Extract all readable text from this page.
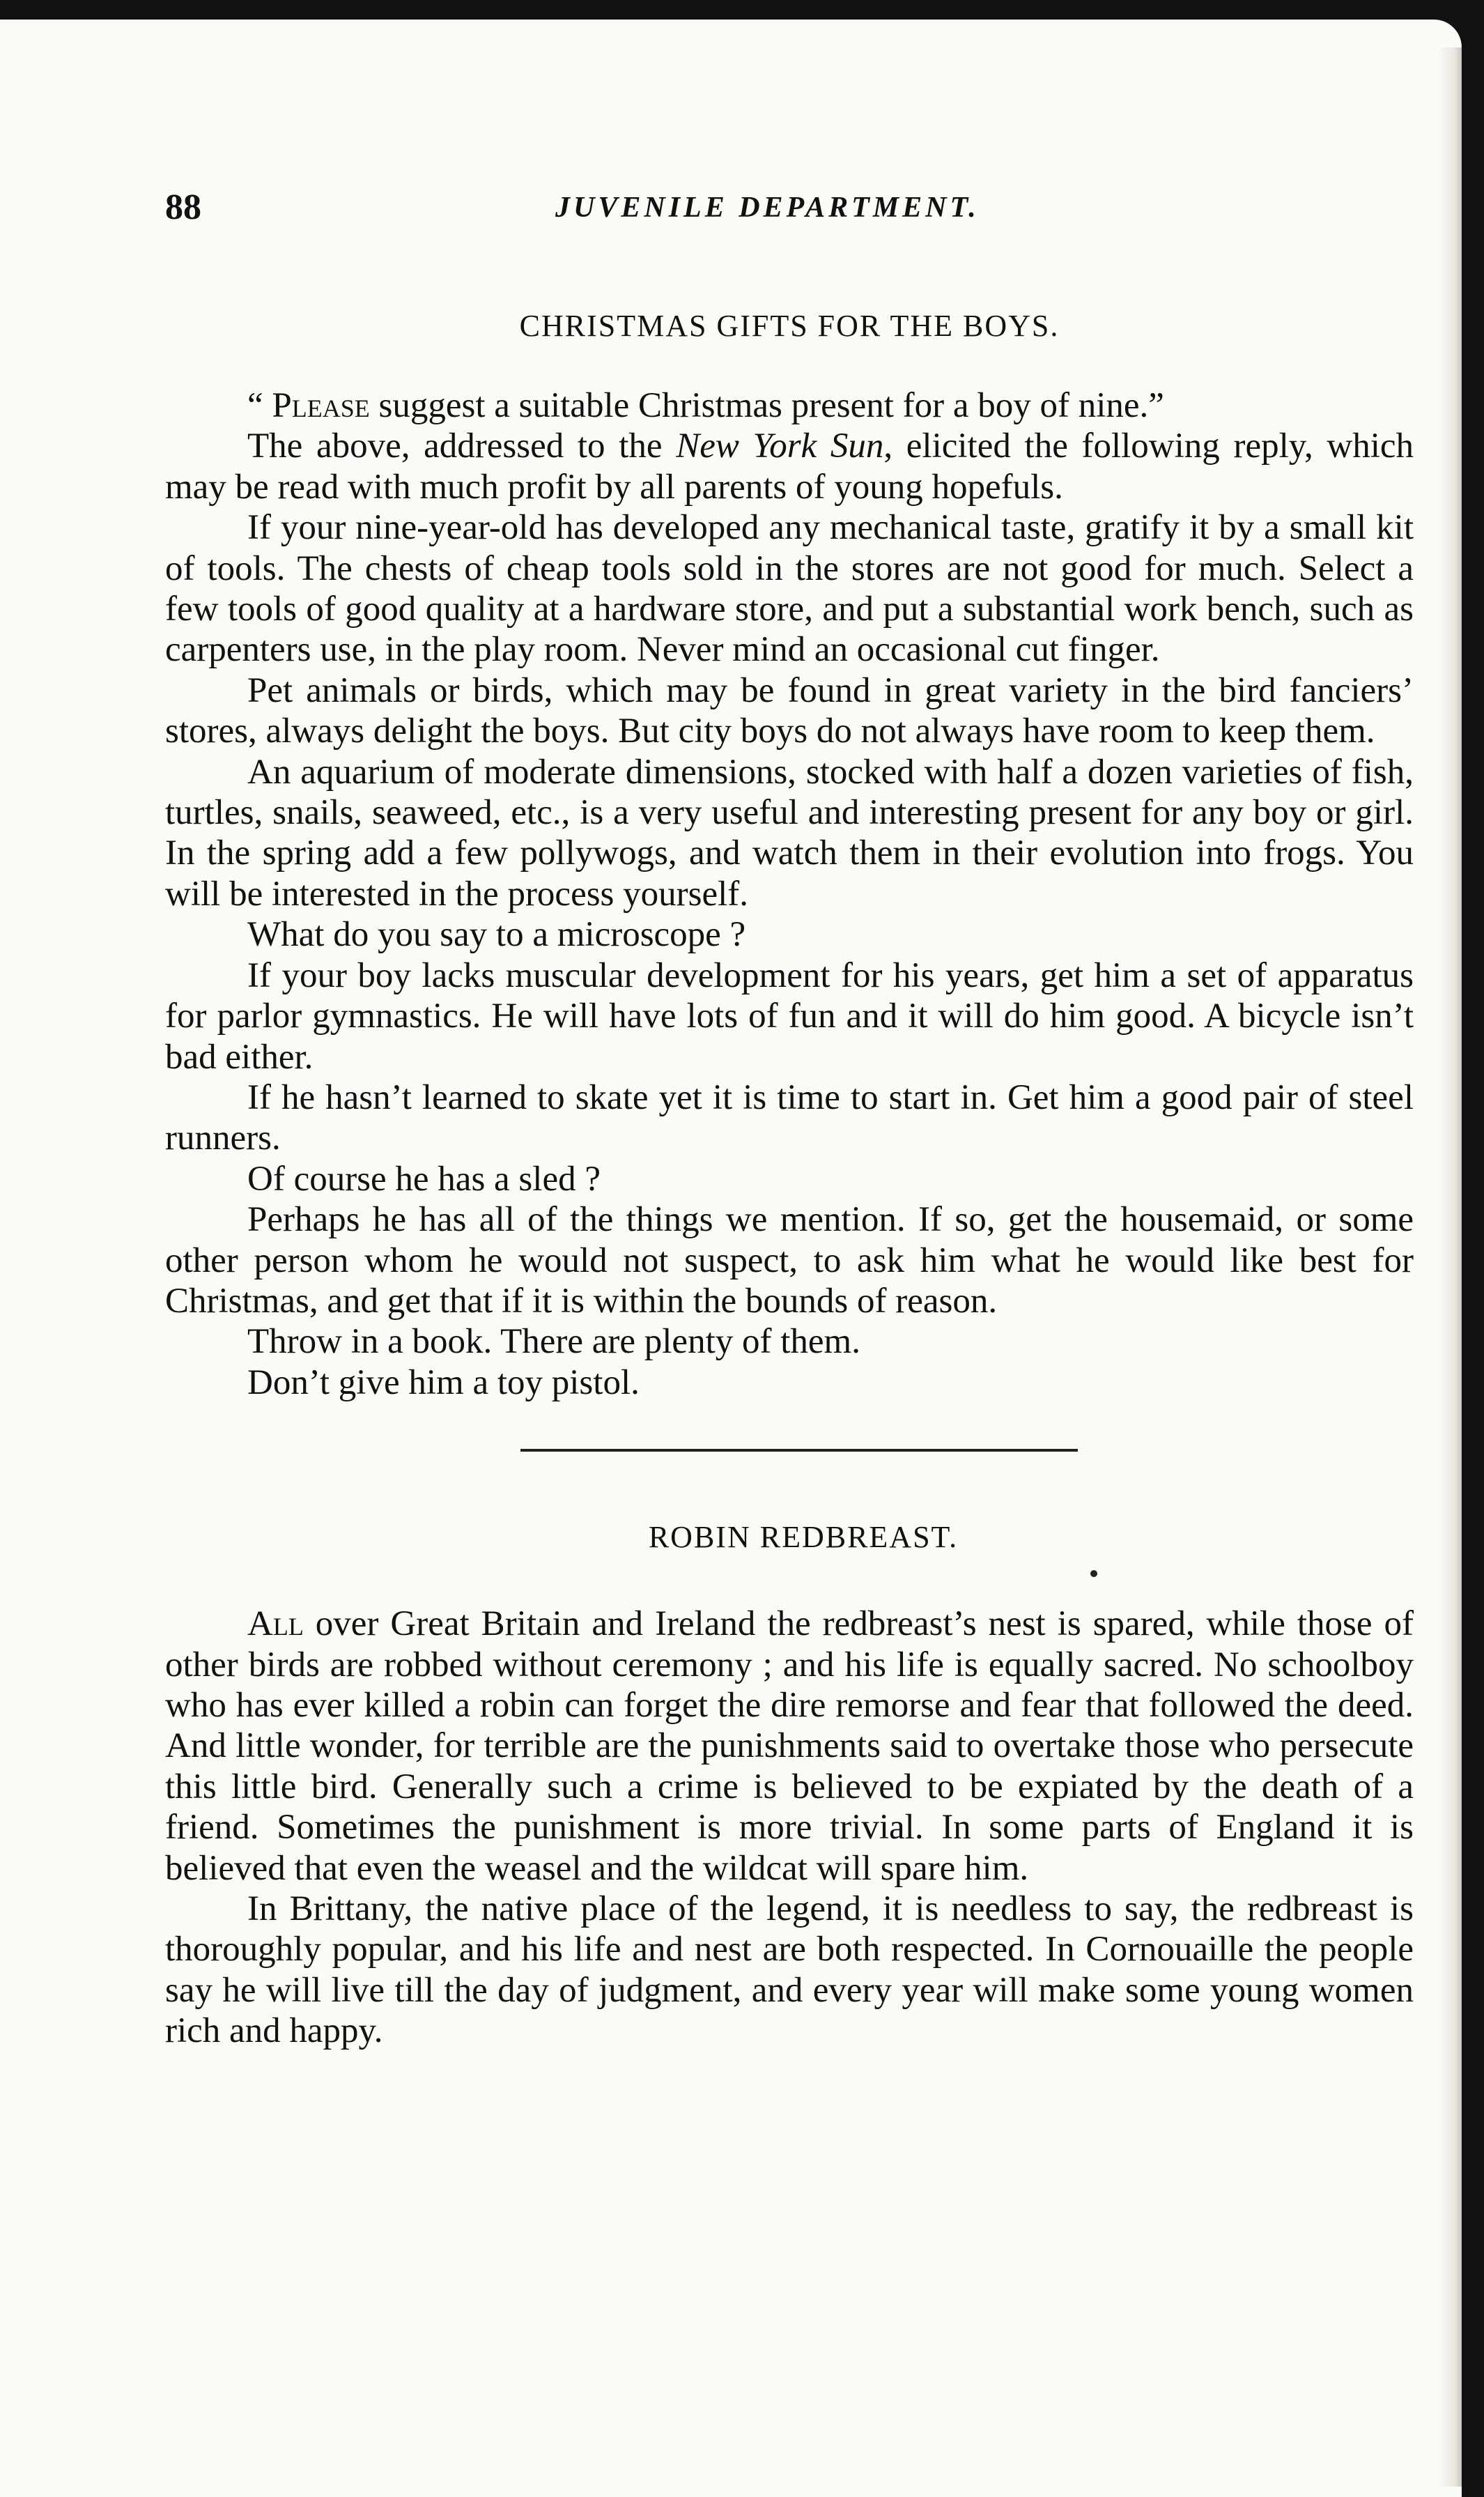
88	JUVENILE DEPARTMENT.
CHRISTMAS GIFTS FOR THE BOYS.

“ Please suggest a suitable Christmas present for a boy of nine.”

The above, addressed to the New York Sun, elicited the following reply, which may be read with much profit by all parents of young hopefuls.

If your nine-year-old has developed any mechanical taste, gratify it by a small kit of tools. The chests of cheap tools sold in the stores are not good for much. Select a few tools of good quality at a hardware store, and put a substantial work bench, such as carpenters use, in the play room. Never mind an occasional cut finger.

Pet animals or birds, which may be found in great variety in the bird fanciers’ stores, always delight the boys. But city boys do not always have room to keep them.

An aquarium of moderate dimensions, stocked with half a dozen varieties of fish, turtles, snails, seaweed, etc., is a very useful and interesting present for any boy or girl. In the spring add a few pollywogs, and watch them in their evolution into frogs. You will be interested in the process yourself.

What do you say to a microscope ?

If your boy lacks muscular development for his years, get him a set of apparatus for parlor gymnastics. He will have lots of fun and it will do him good. A bicycle isn’t bad either.

If he hasn’t learned to skate yet it is time to start in. Get him a good pair of steel runners.

Of course he has a sled ?

Perhaps he has all of the things we mention. If so, get the housemaid, or some other person whom he would not suspect, to ask him what he would like best for Christmas, and get that if it is within the bounds of reason.

Throw in a book. There are plenty of them.

Don’t give him a toy pistol.

ROBIN REDBREAST.

All over Great Britain and Ireland the redbreast’s nest is spared, while those of other birds are robbed without ceremony ; and his life is equally sacred. No schoolboy who has ever killed a robin can forget the dire remorse and fear that followed the deed. And little wonder, for terrible are the punishments said to overtake those who persecute this little bird. Generally such a crime is believed to be expiated by the death of a friend. Sometimes the punishment is more trivial. In some parts of England it is believed that even the weasel and the wildcat will spare him.

In Brittany, the native place of the legend, it is needless to say, the redbreast is thoroughly popular, and his life and nest are both respected. In Cornouaille the people say he will live till the day of judgment, and every year will make some young women rich and happy.
